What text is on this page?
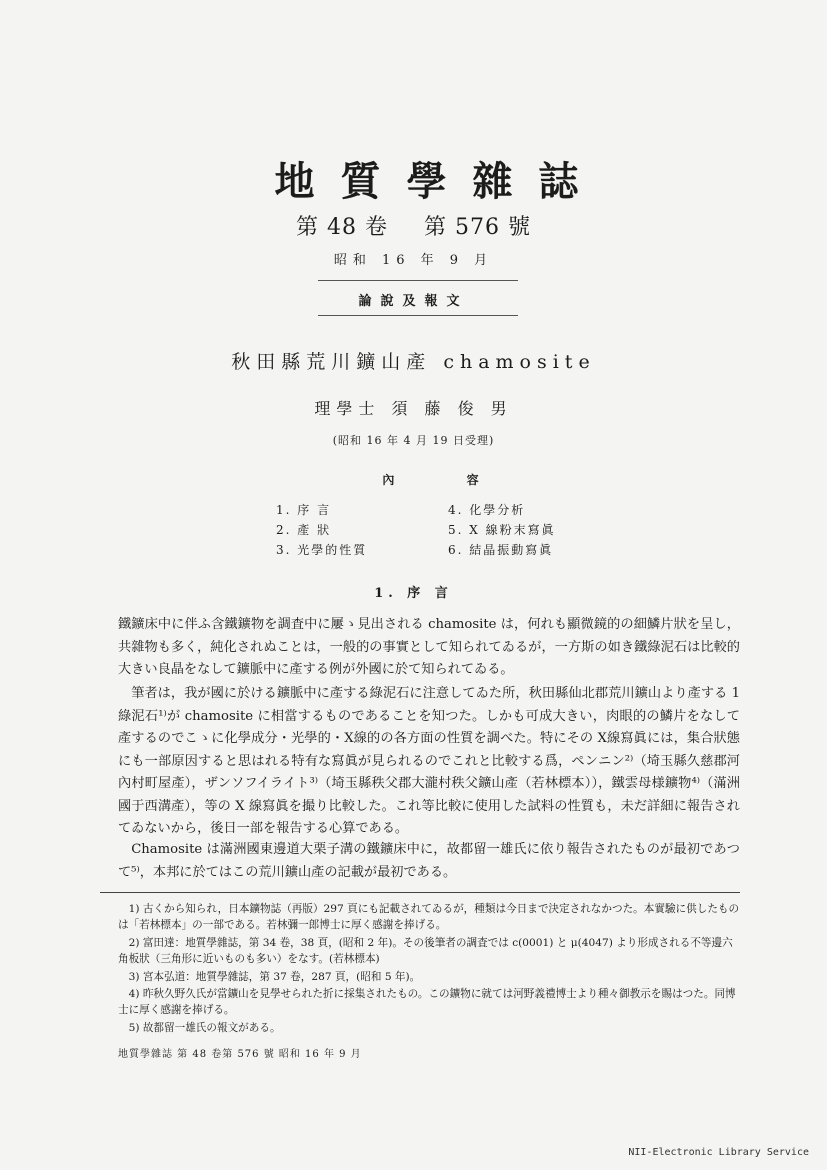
地質學雜誌
第 48 卷 第 576 號
昭和 16 年 9 月
論說及報文
秋田縣荒川鑛山產 chamosite
理學士 須 藤 俊 男
(昭和 16 年 4 月 19 日受理)
內 容
1. 序 言
2. 產 狀
3. 光學的性質
4. 化學分析
5. X 線粉末寫眞
6. 結晶振動寫眞
1. 序 言

鐵鑛床中に伴ふ含鐵鑛物を調査中に屢ゝ見出される chamosite は，何れも顯微鏡的の細鱗片狀を呈し，共雜物も多く，純化されぬことは，一般的の事實として知られてゐるが，一方斯の如き鐵綠泥石は比較的大きい良晶をなして鑛脈中に產する例が外國に於て知られてゐる。

筆者は，我が國に於ける鑛脈中に產する綠泥石に注意してゐた所，秋田縣仙北郡荒川鑛山より產する 1 綠泥石¹⁾が chamosite に相當するものであることを知つた。しかも可成大きい，肉眼的の鱗片をなして產するのでこゝに化學成分・光學的・X線的の各方面の性質を調べた。特にその X線寫眞には，集合狀態にも一部原因すると思はれる特有な寫眞が見られるのでこれと比較する爲，ペンニン²⁾（埼玉縣久慈郡河內村町屋產），ザンソフイライト³⁾（埼玉縣秩父郡大瀧村秩父鑛山產（若林標本）），鐵雲母様鑛物⁴⁾（滿洲國于西溝產），等の X 線寫眞を撮り比較した。これ等比較に使用した試料の性質も，未だ詳細に報告されてゐないから，後日一部を報告する心算である。

Chamosite は滿洲國東邊道大栗子溝の鐵鑛床中に，故都留一雄氏に依り報告されたものが最初であつて⁵⁾，本邦に於てはこの荒川鑛山產の記載が最初である。

1) 古くから知られ，日本鑛物誌（再版）297 頁にも記載されてゐるが，種類は今日まで決定されなかつた。本實驗に供したものは「若林標本」の一部である。若林彌一郎博士に厚く感謝を捧げる。

2) 富田達：地質學雜誌，第 34 卷，38 頁，(昭和 2 年)。その後筆者の調査では c(0001) と μ(4047) より形成される不等邊六角板狀（三角形に近いものも多い）をなす。(若林標本)

3) 宮本弘道：地質學雜誌，第 37 卷，287 頁，(昭和 5 年)。

4) 昨秋久野久氏が當鑛山を見學せられた折に採集されたもの。この鑛物に就ては河野義禮博士より種々御教示を賜はつた。同博士に厚く感謝を捧げる。

5) 故都留一雄氏の報文がある。

地質學雜誌 第 48 卷第 576 號 昭和 16 年 9 月
NII-Electronic Library Service
